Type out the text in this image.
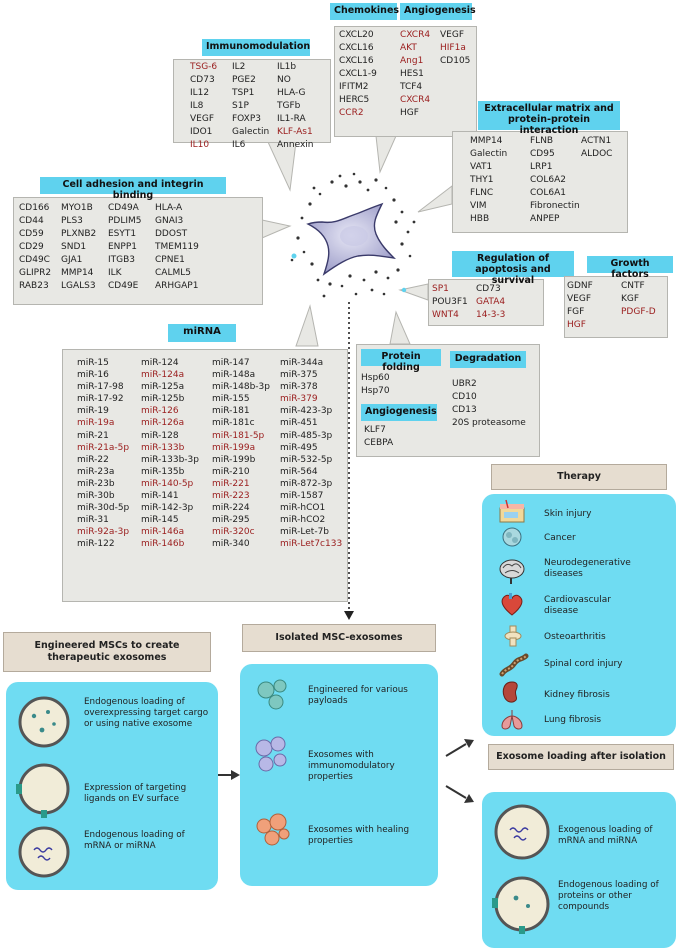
Immunomodulation
TSG-6
CD73
IL12
IL8
VEGF
IDO1
IL10
IL2
PGE2
TSP1
S1P
FOXP3
Galectin
IL6
IL1b
NO
HLA-G
TGFb
IL1-RA
KLF-As1
Annexin
Chemokines Angiogenesis
CXCL20
CXCL16
CXCL16
CXCL1-9
IFITM2
HERC5
CCR2
CXCR4
AKT
Ang1
HES1
TCF4
CXCR4
HGF
VEGF
HIF1a
CD105
Extracellular matrix and protein-protein interaction
MMP14
Galectin
VAT1
THY1
FLNC
VIM
HBB
FLNB
CD95
LRP1
COL6A2
COL6A1
Fibronectin
ANPEP
ACTN1
ALDOC
Cell adhesion and integrin binding
CD166
CD44
CD59
CD29
CD49C
GLIPR2
RAB23
MYO1B
PLS3
PLXNB2
SND1
GJA1
MMP14
LGALS3
CD49A
PDLIM5
ESYT1
ENPP1
ITGB3
ILK
CD49E
HLA-A
GNAI3
DDOST
TMEM119
CPNE1
CALML5
ARHGAP1
Regulation of apoptosis and survival
SP1
POU3F1
WNT4
CD73
GATA4
14-3-3
Growth factors
GDNF
VEGF
FGF
HGF
CNTF
KGF
PDGF-D
miRNA
miR-15
miR-16
miR-17-98
miR-17-92
miR-19
miR-19a
miR-21
miR-21a-5p
miR-22
miR-23a
miR-23b
miR-30b
miR-30d-5p
miR-31
miR-92a-3p
miR-122
miR-124
miR-124a
miR-125a
miR-125b
miR-126
miR-126a
miR-128
miR-133b
miR-133b-3p
miR-135b
miR-140-5p
miR-141
miR-142-3p
miR-145
miR-146a
miR-146b
miR-147
miR-148a
miR-148b-3p
miR-155
miR-181
miR-181c
miR-181-5p
miR-199a
miR-199b
miR-210
miR-221
miR-223
miR-224
miR-295
miR-320c
miR-340
miR-344a
miR-375
miR-378
miR-379
miR-423-3p
miR-451
miR-485-3p
miR-495
miR-532-5p
miR-564
miR-872-3p
miR-1587
miR-hCO1
miR-hCO2
miR-Let-7b
miR-Let7c133
Protein folding
Hsp60
Hsp70
Angiogenesis
KLF7
CEBPA
Degradation
UBR2
CD10
CD13
20S proteasome
Therapy
Skin injury
Cancer
Neurodegenerative diseases
Cardiovascular disease
Osteoarthritis
Spinal cord injury
Kidney fibrosis
Lung fibrosis
Engineered MSCs to create therapeutic exosomes
Endogenous loading of overexpressing target cargo or using native exosome
Expression of targeting ligands on EV surface
Endogenous loading of mRNA or miRNA
Isolated MSC-exosomes
Engineered for various payloads
Exosomes with immunomodulatory properties
Exosomes with healing properties
Exosome loading after isolation
Exogenous loading of mRNA and miRNA
Endogenous loading of proteins or other compounds
